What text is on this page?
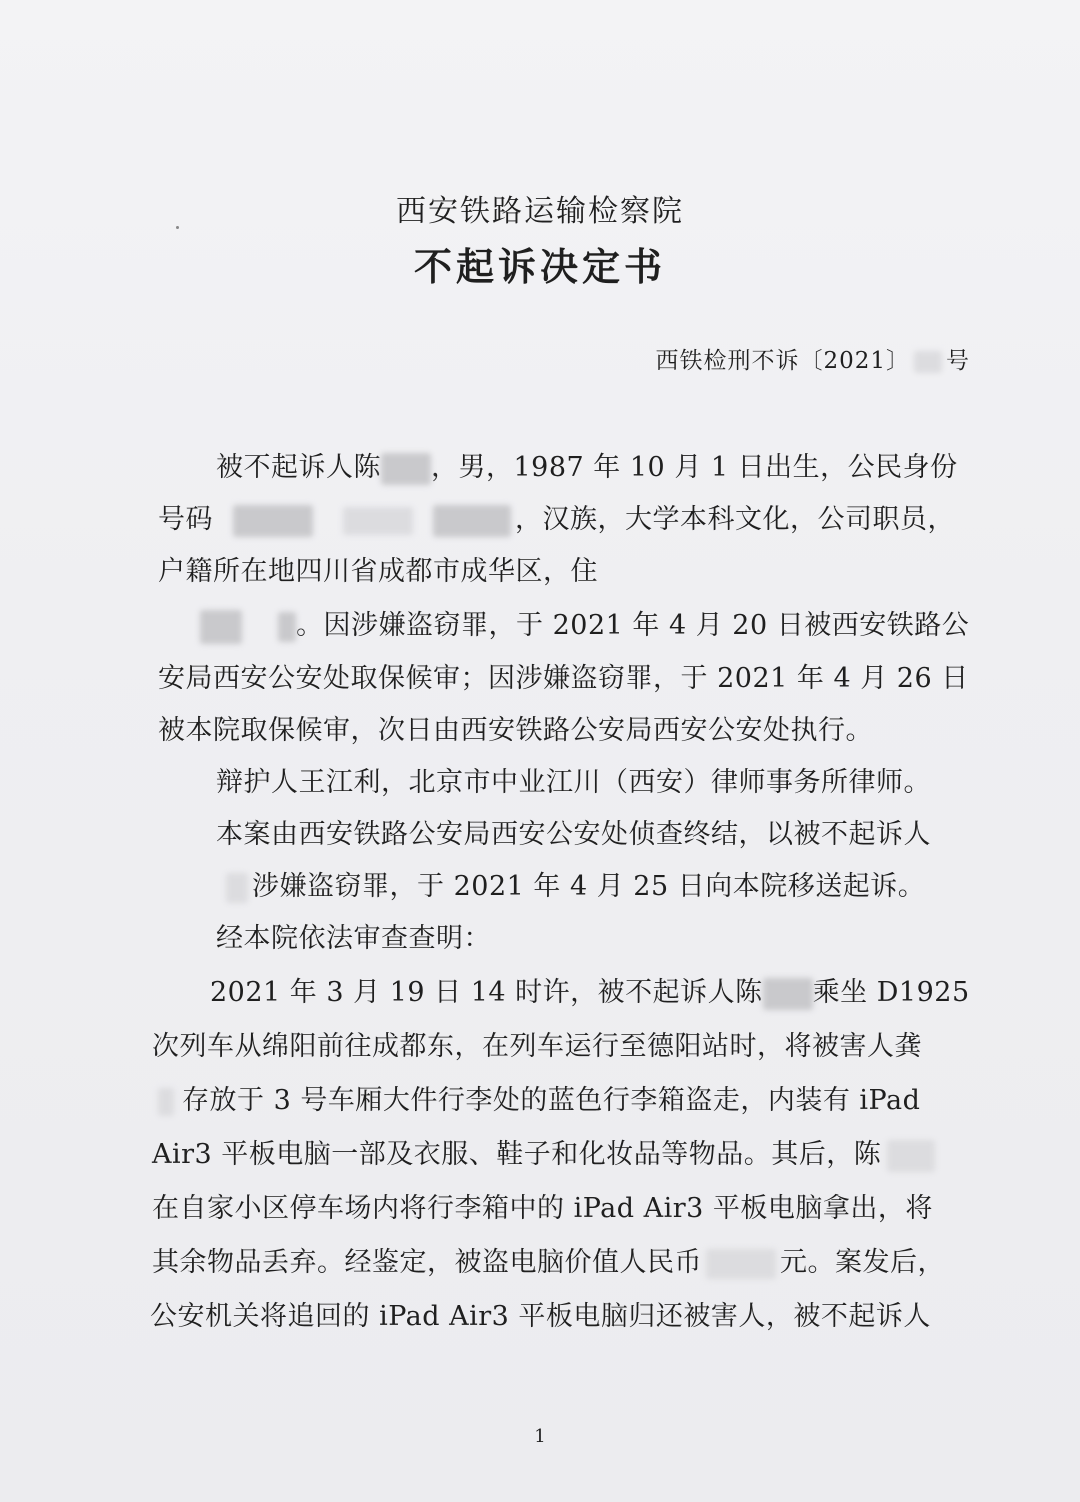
西安铁路运输检察院
不起诉决定书
西铁检刑不诉〔2021〕 号
被不起诉人陈 ，男，1987 年 10 月 1 日出生，公民身份
号码	，汉族，大学本科文化，公司职员，
户籍所在地四川省成都市成华区，住
。因涉嫌盗窃罪，于 2021 年 4 月 20 日被西安铁路公
安局西安公安处取保候审；因涉嫌盗窃罪，于 2021 年 4 月 26 日
被本院取保候审，次日由西安铁路公安局西安公安处执行。
辩护人王江利，北京市中业江川（西安）律师事务所律师。
本案由西安铁路公安局西安公安处侦查终结，以被不起诉人
涉嫌盗窃罪，于 2021 年 4 月 25 日向本院移送起诉。
经本院依法审查查明：
2021 年 3 月 19 日 14 时许，被不起诉人陈 乘坐 D1925
次列车从绵阳前往成都东，在列车运行至德阳站时，将被害人龚
存放于 3 号车厢大件行李处的蓝色行李箱盗走，内装有 iPad
Air3 平板电脑一部及衣服、鞋子和化妆品等物品。其后，陈
在自家小区停车场内将行李箱中的 iPad Air3 平板电脑拿出，将
其余物品丢弃。经鉴定，被盗电脑价值人民币	元。案发后，
公安机关将追回的 iPad Air3 平板电脑归还被害人，被不起诉人
1
